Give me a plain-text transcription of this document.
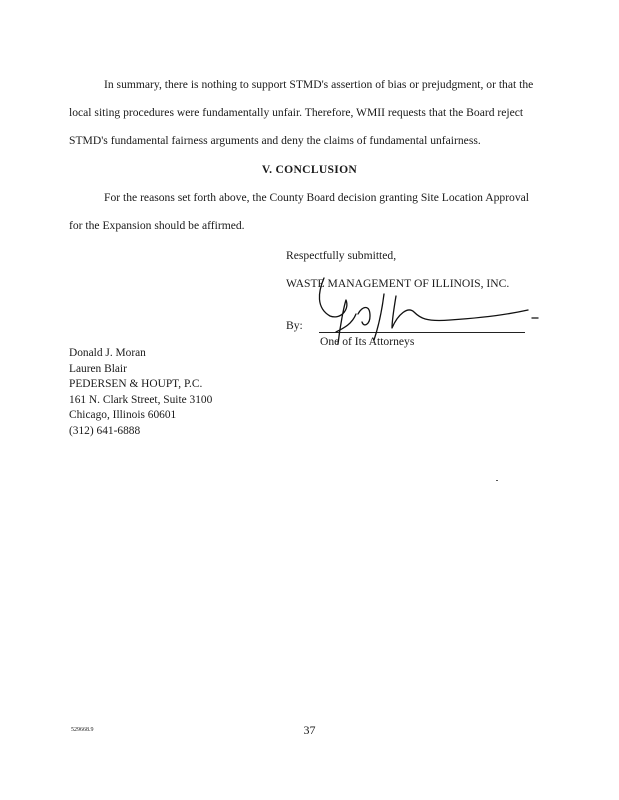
In summary, there is nothing to support STMD's assertion of bias or prejudgment, or that the
local siting procedures were fundamentally unfair. Therefore, WMII requests that the Board reject
STMD's fundamental fairness arguments and deny the claims of fundamental unfairness.
V. CONCLUSION
For the reasons set forth above, the County Board decision granting Site Location Approval
for the Expansion should be affirmed.
Respectfully submitted,
WASTE MANAGEMENT OF ILLINOIS, INC.
By:
One of Its Attorneys
Donald J. Moran
Lauren Blair
PEDERSEN & HOUPT, P.C.
161 N. Clark Street, Suite 3100
Chicago, Illinois 60601
(312) 641-6888
529668.9	37
